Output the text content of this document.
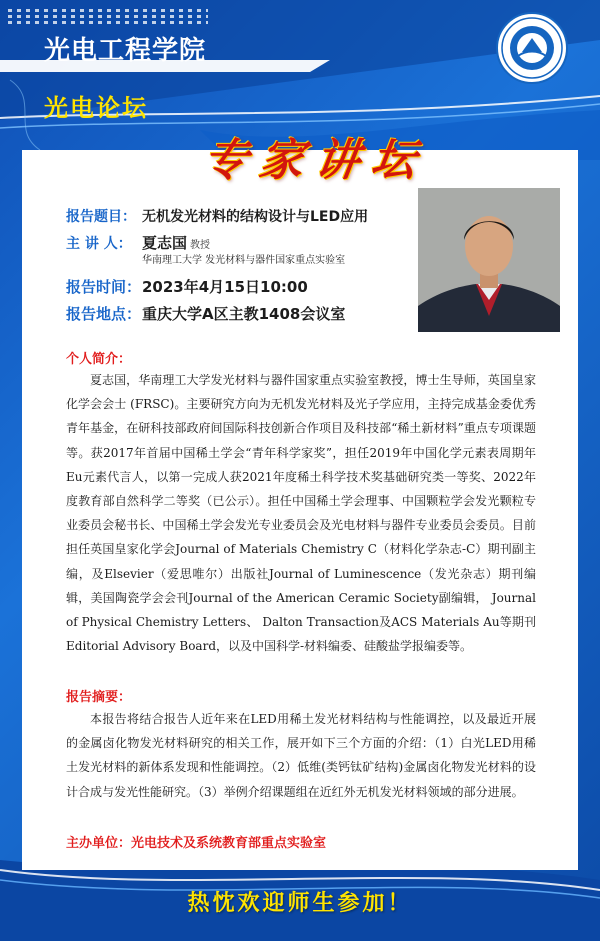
光电工程学院
光电论坛
专家讲坛
报告题目： 无机发光材料的结构设计与LED应用
主 讲 人： 夏志国 教授
华南理工大学 发光材料与器件国家重点实验室
报告时间：2023年4月15日10:00
报告地点：重庆大学A区主教1408会议室
个人简介：
夏志国，华南理工大学发光材料与器件国家重点实验室教授，博士生导师，英国皇家化学会会士 (FRSC)。主要研究方向为无机发光材料及光子学应用，主持完成基金委优秀青年基金，在研科技部政府间国际科技创新合作项目及科技部“稀土新材料”重点专项课题等。获2017年首届中国稀土学会“青年科学家奖”，担任2019年中国化学元素表周期年Eu元素代言人，以第一完成人获2021年度稀土科学技术奖基础研究类一等奖、2022年度教育部自然科学二等奖（已公示）。担任中国稀土学会理事、中国颗粒学会发光颗粒专业委员会秘书长、中国稀土学会发光专业委员会及光电材料与器件专业委员会委员。目前担任英国皇家化学会Journal of Materials Chemistry C（材料化学杂志-C）期刊副主编，及Elsevier（爱思唯尔）出版社Journal of Luminescence（发光杂志）期刊编辑，美国陶瓷学会会刊Journal of the American Ceramic Society副编辑， Journal of Physical Chemistry Letters、 Dalton Transaction及ACS Materials Au等期刊Editorial Advisory Board，以及中国科学-材料编委、硅酸盐学报编委等。
报告摘要：
本报告将结合报告人近年来在LED用稀土发光材料结构与性能调控，以及最近开展的金属卤化物发光材料研究的相关工作，展开如下三个方面的介绍：（1）白光LED用稀土发光材料的新体系发现和性能调控。（2）低维(类钙钛矿结构)金属卤化物发光材料的设计合成与发光性能研究。（3）举例介绍课题组在近红外无机发光材料领域的部分进展。
主办单位：光电技术及系统教育部重点实验室
热忱欢迎师生参加！
